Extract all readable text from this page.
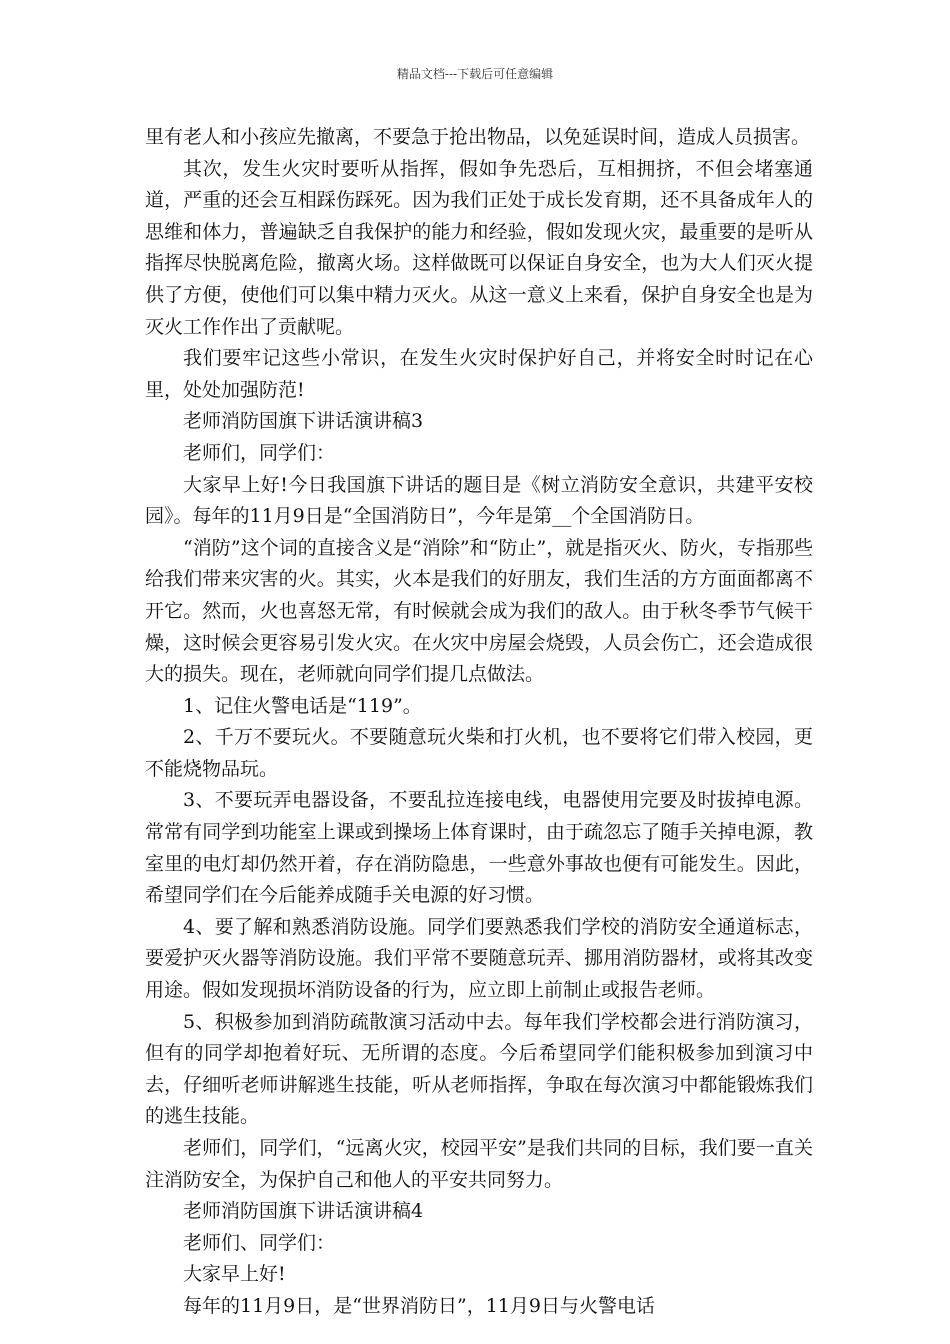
精品文档---下载后可任意编辑

里有老人和小孩应先撤离，不要急于抢出物品，以免延误时间，造成人员损害。

其次，发生火灾时要听从指挥，假如争先恐后，互相拥挤，不但会堵塞通道，严重的还会互相踩伤踩死。因为我们正处于成长发育期，还不具备成年人的思维和体力，普遍缺乏自我保护的能力和经验，假如发现火灾，最重要的是听从指挥尽快脱离危险，撤离火场。这样做既可以保证自身安全，也为大人们灭火提供了方便，使他们可以集中精力灭火。从这一意义上来看，保护自身安全也是为灭火工作作出了贡献呢。

我们要牢记这些小常识，在发生火灾时保护好自己，并将安全时时记在心里，处处加强防范!

老师消防国旗下讲话演讲稿3

老师们，同学们：

大家早上好!今日我国旗下讲话的题目是《树立消防安全意识，共建平安校园》。每年的11月9日是“全国消防日”，今年是第__个全国消防日。

“消防”这个词的直接含义是“消除”和“防止”，就是指灭火、防火，专指那些给我们带来灾害的火。其实，火本是我们的好朋友，我们生活的方方面面都离不开它。然而，火也喜怒无常，有时候就会成为我们的敌人。由于秋冬季节气候干燥，这时候会更容易引发火灾。在火灾中房屋会烧毁，人员会伤亡，还会造成很大的损失。现在，老师就向同学们提几点做法。

1、记住火警电话是“119”。

2、千万不要玩火。不要随意玩火柴和打火机，也不要将它们带入校园，更不能烧物品玩。

3、不要玩弄电器设备，不要乱拉连接电线，电器使用完要及时拔掉电源。常常有同学到功能室上课或到操场上体育课时，由于疏忽忘了随手关掉电源，教室里的电灯却仍然开着，存在消防隐患，一些意外事故也便有可能发生。因此，希望同学们在今后能养成随手关电源的好习惯。

4、要了解和熟悉消防设施。同学们要熟悉我们学校的消防安全通道标志，要爱护灭火器等消防设施。我们平常不要随意玩弄、挪用消防器材，或将其改变用途。假如发现损坏消防设备的行为，应立即上前制止或报告老师。

5、积极参加到消防疏散演习活动中去。每年我们学校都会进行消防演习，但有的同学却抱着好玩、无所谓的态度。今后希望同学们能积极参加到演习中去，仔细听老师讲解逃生技能，听从老师指挥，争取在每次演习中都能锻炼我们的逃生技能。

老师们，同学们，“远离火灾，校园平安”是我们共同的目标，我们要一直关注消防安全，为保护自己和他人的平安共同努力。

老师消防国旗下讲话演讲稿4

老师们、同学们：

大家早上好!

每年的11月9日，是“世界消防日”，11月9日与火警电话
